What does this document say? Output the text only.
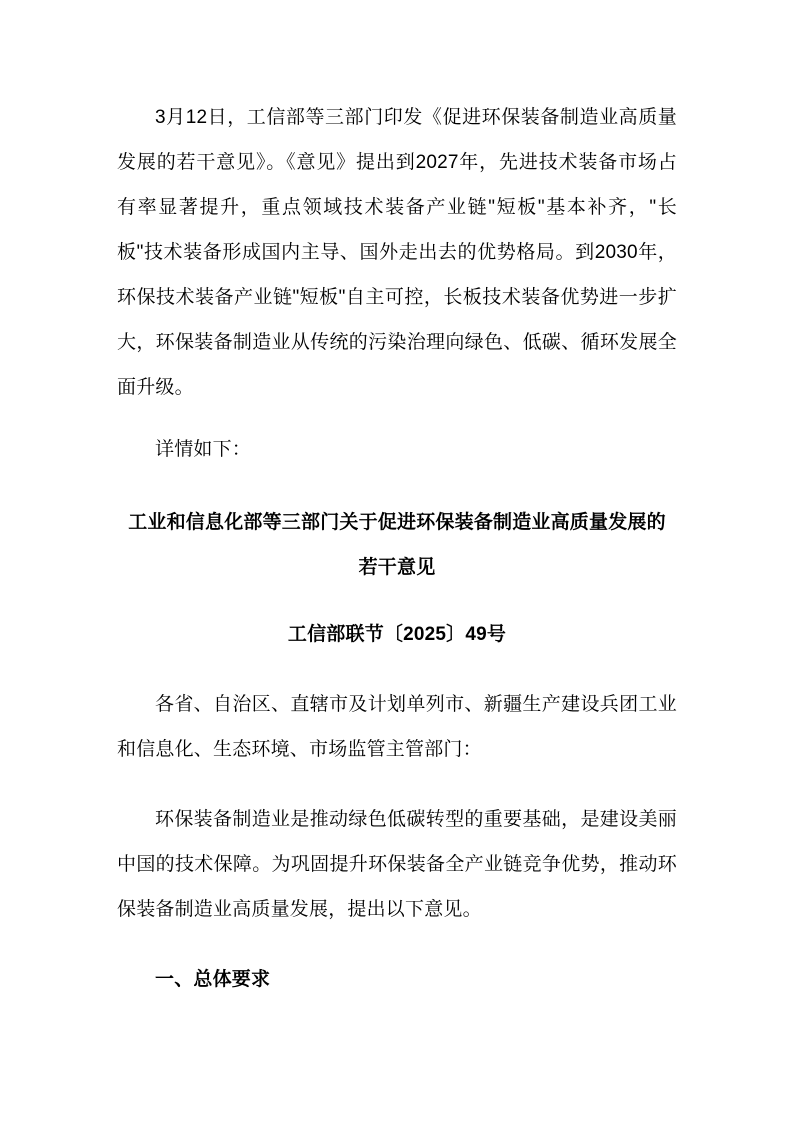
3月12日，工信部等三部门印发《促进环保装备制造业高质量发展的若干意见》。《意见》提出到2027年，先进技术装备市场占有率显著提升，重点领域技术装备产业链"短板"基本补齐，"长板"技术装备形成国内主导、国外走出去的优势格局。到2030年，环保技术装备产业链"短板"自主可控，长板技术装备优势进一步扩大，环保装备制造业从传统的污染治理向绿色、低碳、循环发展全面升级。

详情如下：

工业和信息化部等三部门关于促进环保装备制造业高质量发展的
若干意见

工信部联节〔2025〕49号

各省、自治区、直辖市及计划单列市、新疆生产建设兵团工业和信息化、生态环境、市场监管主管部门：

环保装备制造业是推动绿色低碳转型的重要基础，是建设美丽中国的技术保障。为巩固提升环保装备全产业链竞争优势，推动环保装备制造业高质量发展，提出以下意见。

一、总体要求
